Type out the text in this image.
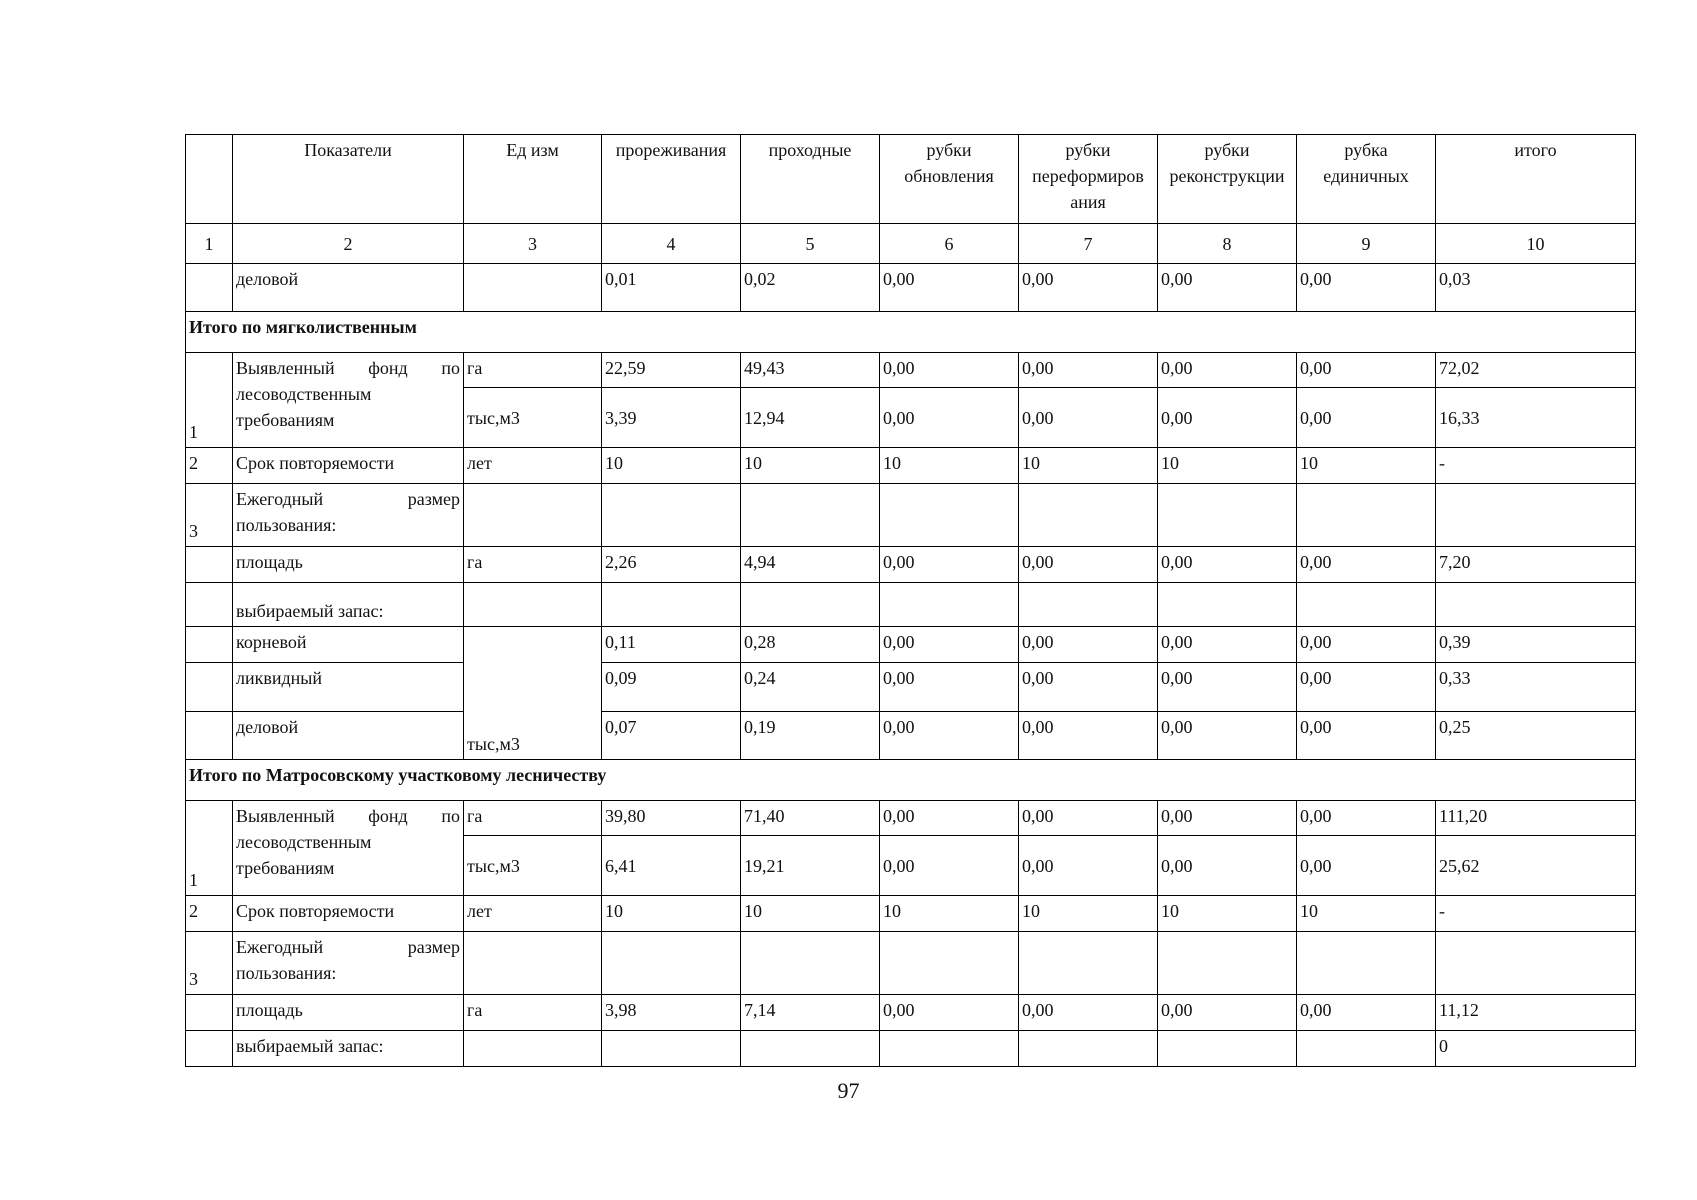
	Показатели	Ед изм	прореживания	проходные	рубки обновления	рубки переформиров ания	рубки реконструкции	рубка единичных	итого
1	2	3	4	5	6	7	8	9	10
	деловой		0,01	0,02	0,00	0,00	0,00	0,00	0,03
Итого по мягколиственным									
1	Выявленный фонд по лесоводственным требованиям	га	22,59	49,43	0,00	0,00	0,00	0,00	72,02
		тыс,м3	3,39	12,94	0,00	0,00	0,00	0,00	16,33
2	Срок повторяемости	лет	10	10	10	10	10	10	-
3	Ежегодный размер пользования:								
	площадь	га	2,26	4,94	0,00	0,00	0,00	0,00	7,20
	выбираемый запас:								
	корневой	тыс,м3	0,11	0,28	0,00	0,00	0,00	0,00	0,39
	ликвидный		0,09	0,24	0,00	0,00	0,00	0,00	0,33
	деловой		0,07	0,19	0,00	0,00	0,00	0,00	0,25
Итого по Матросовскому участковому лесничеству									
1	Выявленный фонд по лесоводственным требованиям	га	39,80	71,40	0,00	0,00	0,00	0,00	111,20
		тыс,м3	6,41	19,21	0,00	0,00	0,00	0,00	25,62
2	Срок повторяемости	лет	10	10	10	10	10	10	-
3	Ежегодный размер пользования:								
	площадь	га	3,98	7,14	0,00	0,00	0,00	0,00	11,12
	выбираемый запас:								0
97
